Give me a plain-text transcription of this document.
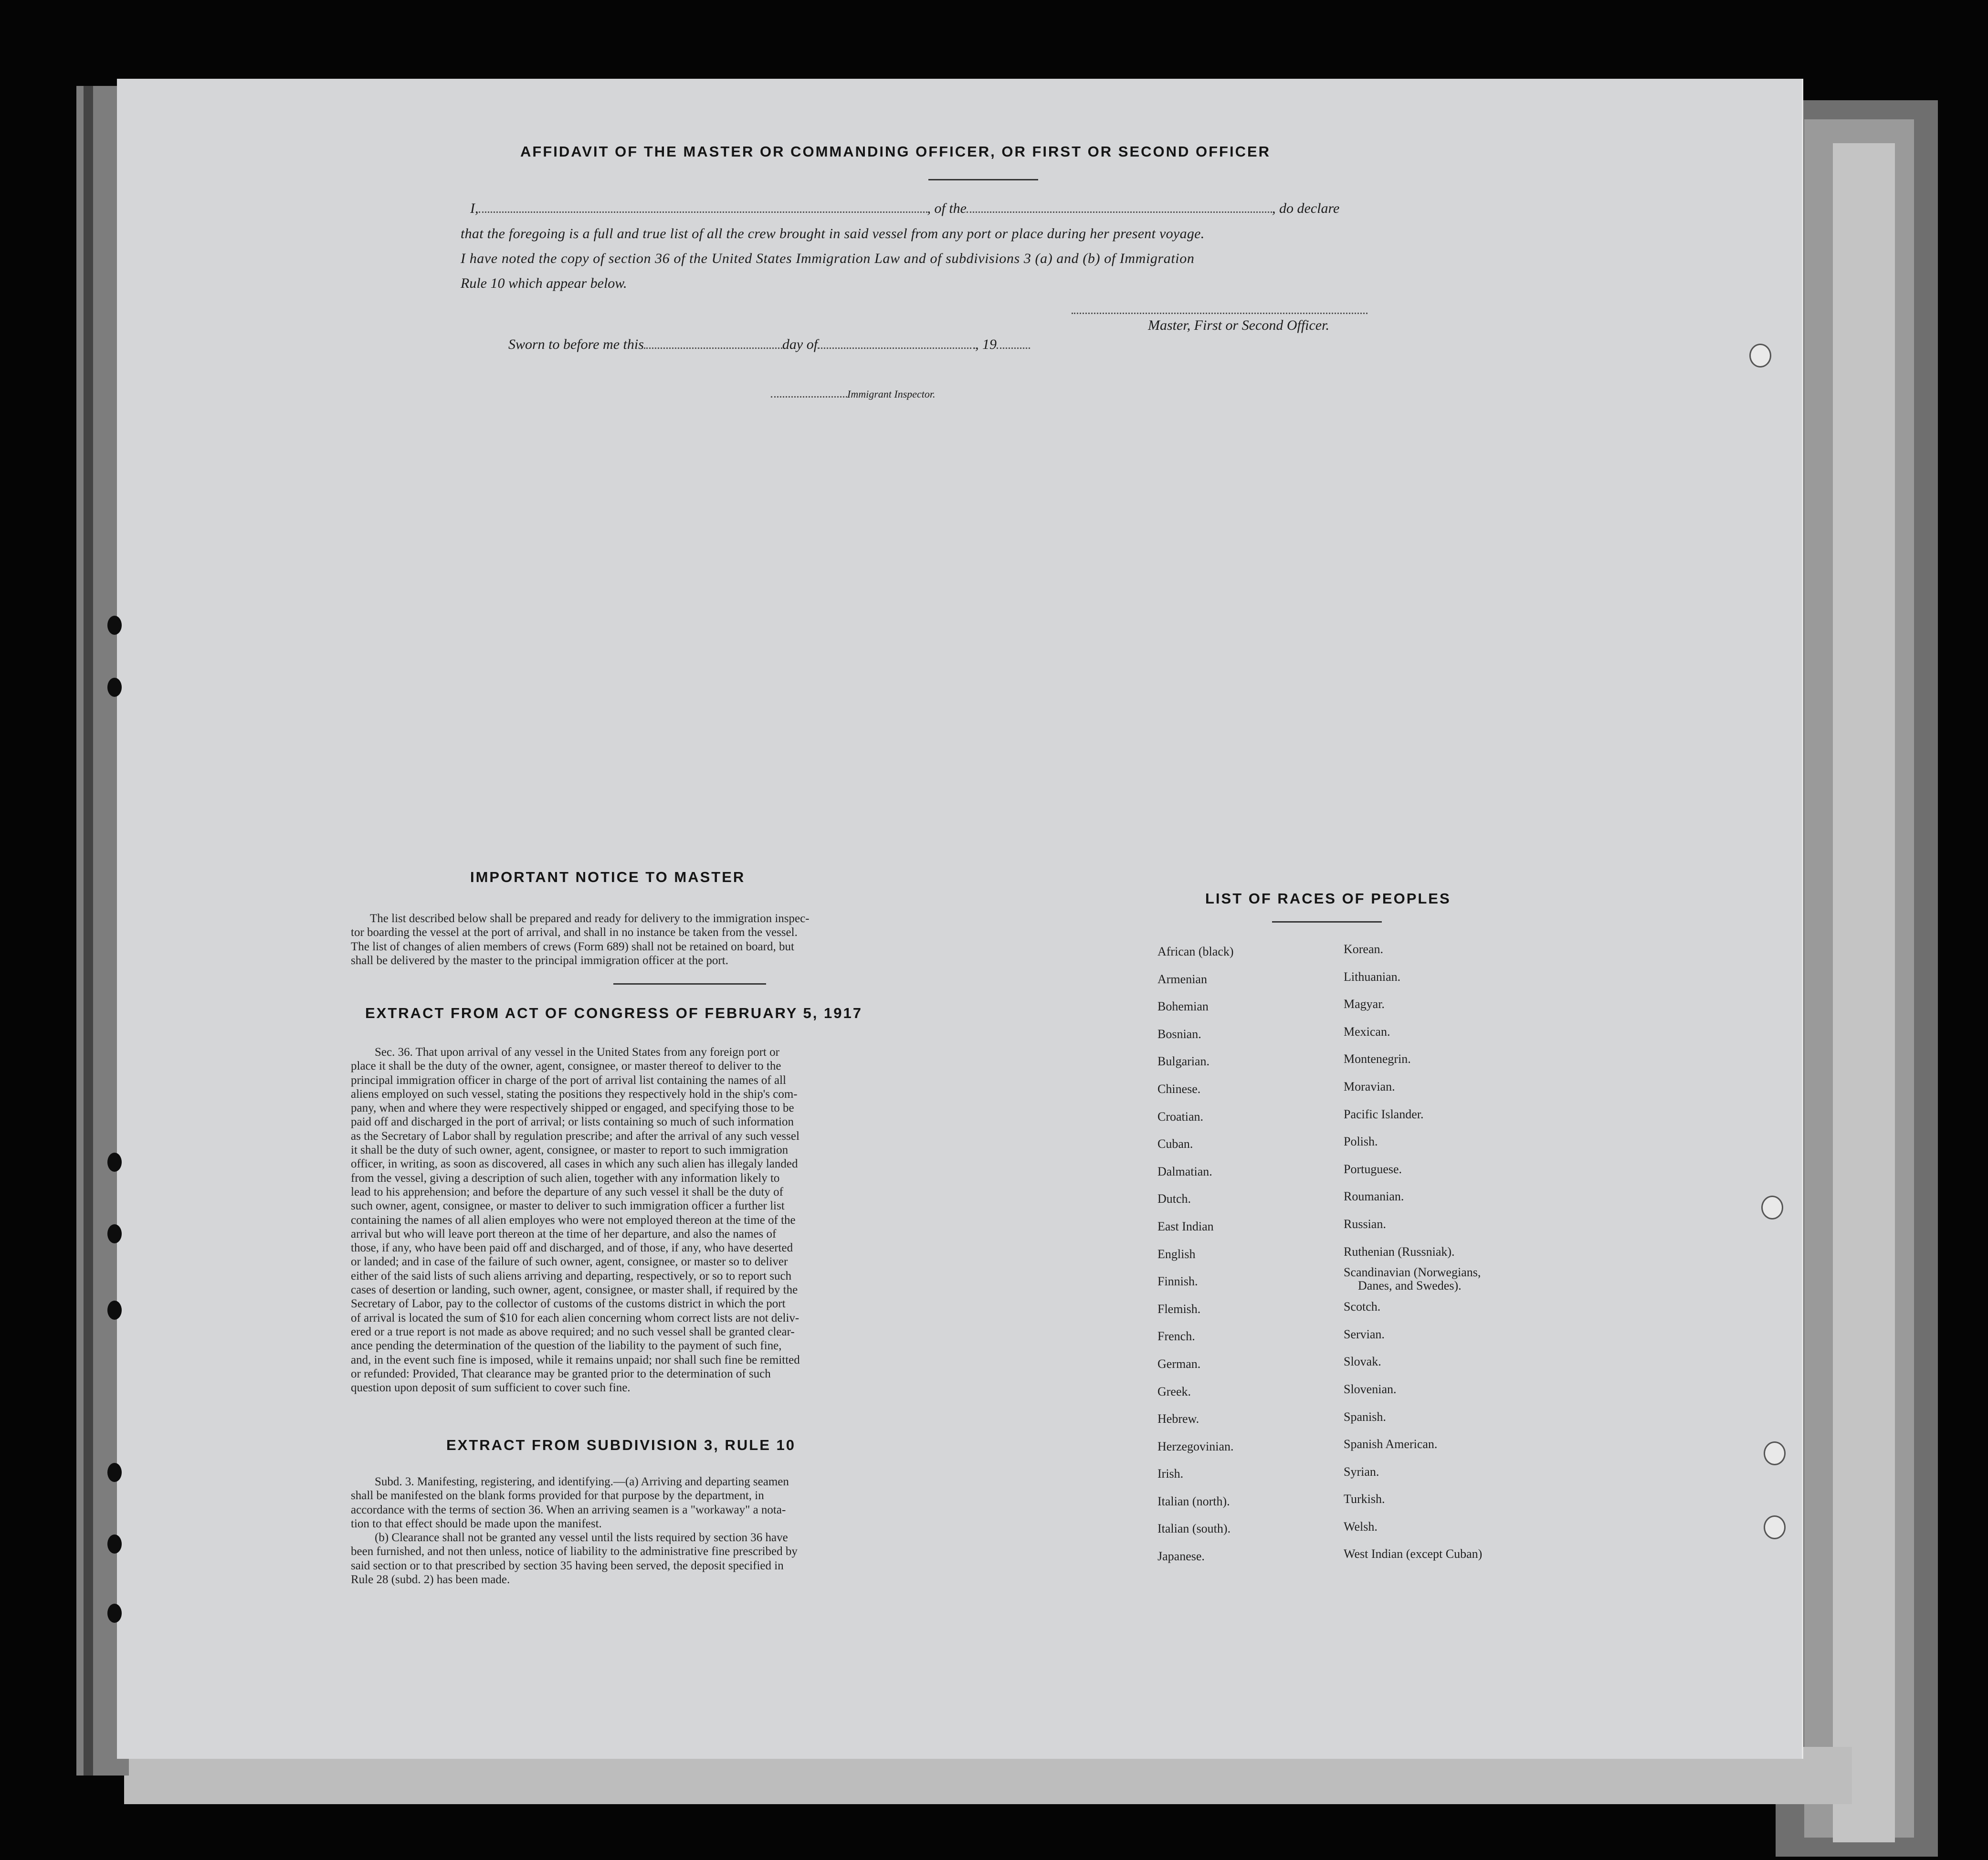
AFFIDAVIT OF THE MASTER OR COMMANDING OFFICER, OR FIRST OR SECOND OFFICER
I,	, of the	, do declare
that the foregoing is a full and true list of all the crew brought in said vessel from any port or place during her present voyage.
I have noted the copy of section 36 of the United States Immigration Law and of subdivisions 3 (a) and (b) of Immigration
Rule 10 which appear below.
Master, First or Second Officer.
Sworn to before me this	day of	, 19
Immigrant Inspector.
IMPORTANT NOTICE TO MASTER

The list described below shall be prepared and ready for delivery to the immigration inspec-

tor boarding the vessel at the port of arrival, and shall in no instance be taken from the vessel.

The list of changes of alien members of crews (Form 689) shall not be retained on board, but

shall be delivered by the master to the principal immigration officer at the port.

EXTRACT FROM ACT OF CONGRESS OF FEBRUARY 5, 1917

Sec. 36. That upon arrival of any vessel in the United States from any foreign port or

place it shall be the duty of the owner, agent, consignee, or master thereof to deliver to the

principal immigration officer in charge of the port of arrival list containing the names of all

aliens employed on such vessel, stating the positions they respectively hold in the ship's com-

pany, when and where they were respectively shipped or engaged, and specifying those to be

paid off and discharged in the port of arrival; or lists containing so much of such information

as the Secretary of Labor shall by regulation prescribe; and after the arrival of any such vessel

it shall be the duty of such owner, agent, consignee, or master to report to such immigration

officer, in writing, as soon as discovered, all cases in which any such alien has illegaly landed

from the vessel, giving a description of such alien, together with any information likely to

lead to his apprehension; and before the departure of any such vessel it shall be the duty of

such owner, agent, consignee, or master to deliver to such immigration officer a further list

containing the names of all alien employes who were not employed thereon at the time of the

arrival but who will leave port thereon at the time of her departure, and also the names of

those, if any, who have been paid off and discharged, and of those, if any, who have deserted

or landed; and in case of the failure of such owner, agent, consignee, or master so to deliver

either of the said lists of such aliens arriving and departing, respectively, or so to report such

cases of desertion or landing, such owner, agent, consignee, or master shall, if required by the

Secretary of Labor, pay to the collector of customs of the customs district in which the port

of arrival is located the sum of $10 for each alien concerning whom correct lists are not deliv-

ered or a true report is not made as above required; and no such vessel shall be granted clear-

ance pending the determination of the question of the liability to the payment of such fine,

and, in the event such fine is imposed, while it remains unpaid; nor shall such fine be remitted

or refunded: Provided, That clearance may be granted prior to the determination of such

question upon deposit of sum sufficient to cover such fine.

EXTRACT FROM SUBDIVISION 3, RULE 10

Subd. 3. Manifesting, registering, and identifying.—(a) Arriving and departing seamen

shall be manifested on the blank forms provided for that purpose by the department, in

accordance with the terms of section 36. When an arriving seamen is a "workaway" a nota-

tion to that effect should be made upon the manifest.

(b) Clearance shall not be granted any vessel until the lists required by section 36 have

been furnished, and not then unless, notice of liability to the administrative fine prescribed by

said section or to that prescribed by section 35 having been served, the deposit specified in

Rule 28 (subd. 2) has been made.

LIST OF RACES OF PEOPLES
African (black)
Armenian
Bohemian
Bosnian.
Bulgarian.
Chinese.
Croatian.
Cuban.
Dalmatian.
Dutch.
East Indian
English
Finnish.
Flemish.
French.
German.
Greek.
Hebrew.
Herzegovinian.
Irish.
Italian (north).
Italian (south).
Japanese.
Korean.
Lithuanian.
Magyar.
Mexican.
Montenegrin.
Moravian.
Pacific Islander.
Polish.
Portuguese.
Roumanian.
Russian.
Ruthenian (Russniak).
Scandinavian (Norwegians,
Danes, and Swedes).
Scotch.
Servian.
Slovak.
Slovenian.
Spanish.
Spanish American.
Syrian.
Turkish.
Welsh.
West Indian (except Cuban)
